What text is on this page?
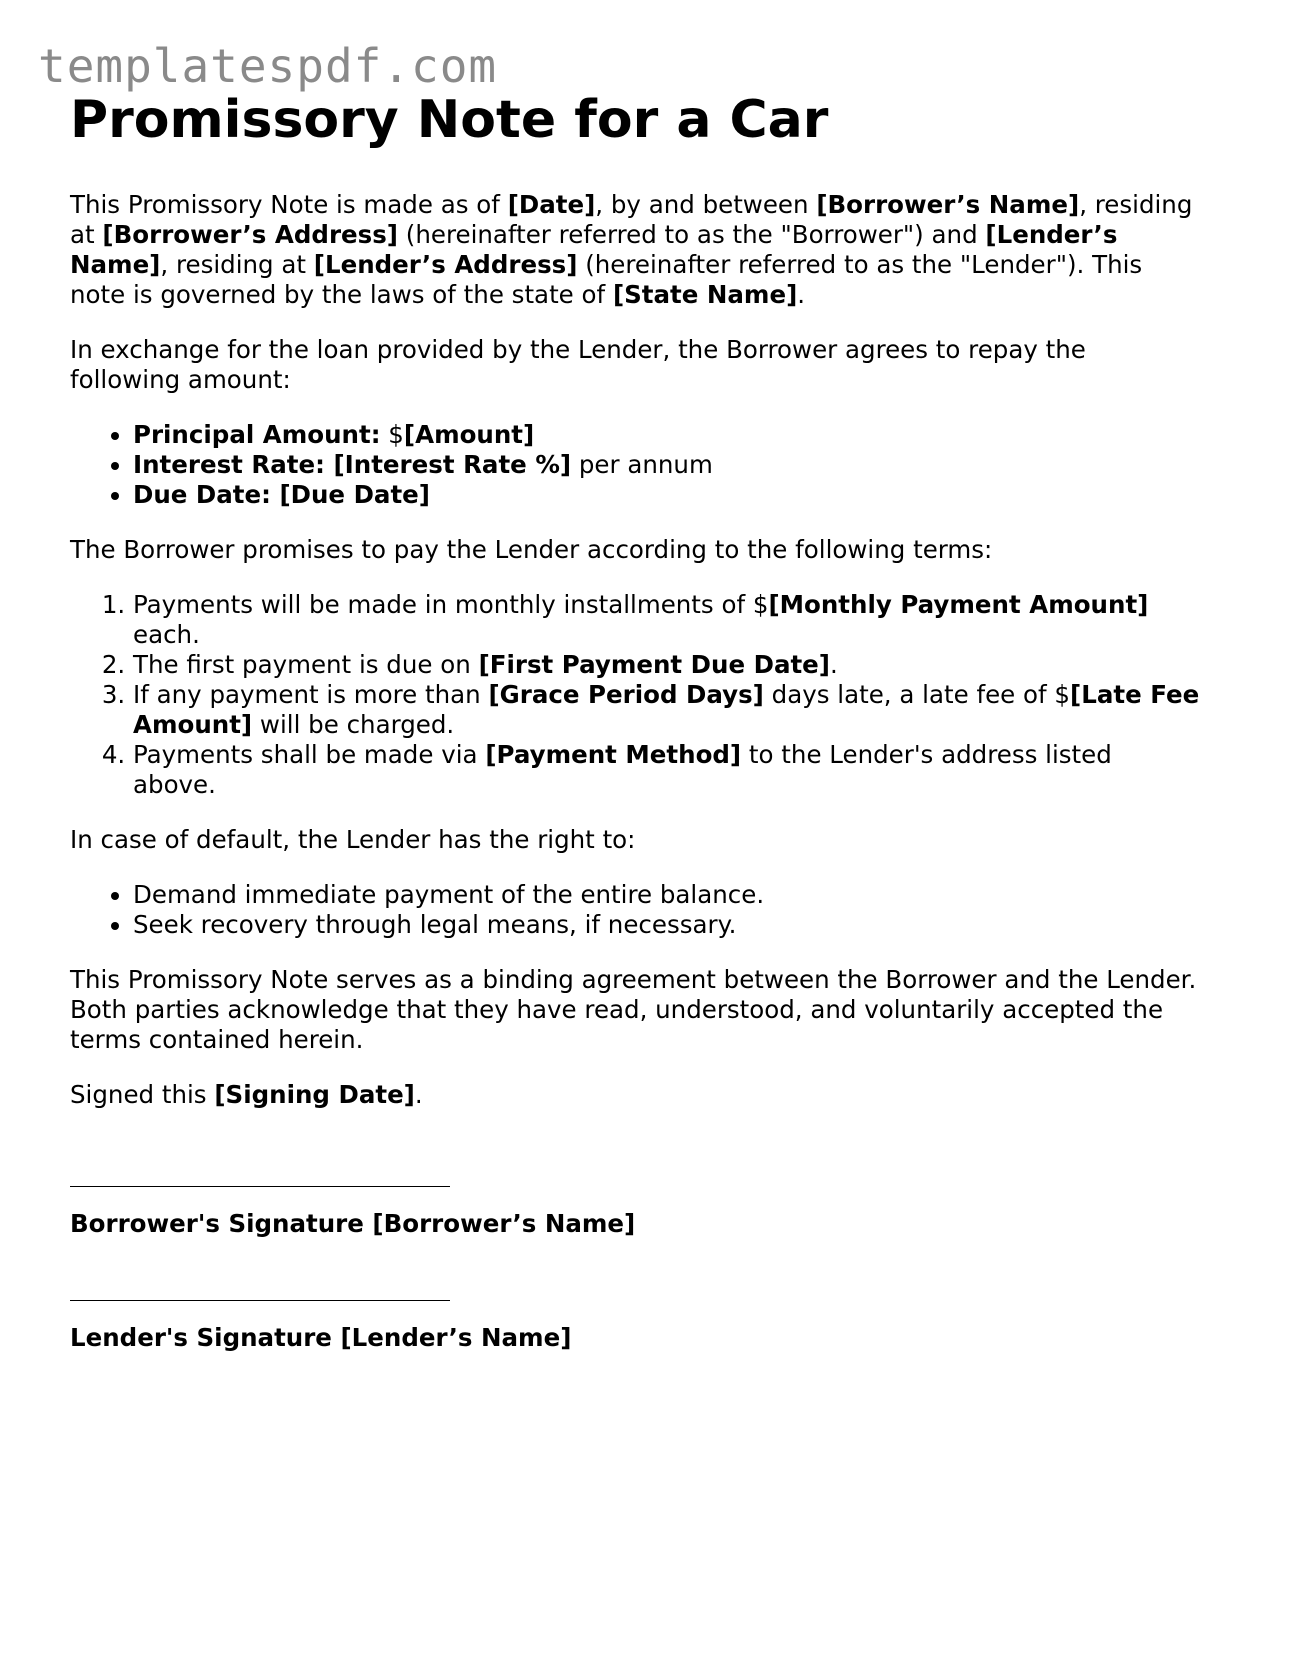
templatespdf.com
Promissory Note for a Car

This Promissory Note is made as of [Date], by and between [Borrower’s Name], residing at [Borrower’s Address] (hereinafter referred to as the "Borrower") and [Lender’s Name], residing at [Lender’s Address] (hereinafter referred to as the "Lender"). This note is governed by the laws of the state of [State Name].

In exchange for the loan provided by the Lender, the Borrower agrees to repay the following amount:

• Principal Amount: $[Amount]
• Interest Rate: [Interest Rate %] per annum
• Due Date: [Due Date]

The Borrower promises to pay the Lender according to the following terms:

1. Payments will be made in monthly installments of $[Monthly Payment Amount] each.
2. The first payment is due on [First Payment Due Date].
3. If any payment is more than [Grace Period Days] days late, a late fee of $[Late Fee Amount] will be charged.
4. Payments shall be made via [Payment Method] to the Lender's address listed above.

In case of default, the Lender has the right to:

• Demand immediate payment of the entire balance.
• Seek recovery through legal means, if necessary.

This Promissory Note serves as a binding agreement between the Borrower and the Lender. Both parties acknowledge that they have read, understood, and voluntarily accepted the terms contained herein.

Signed this [Signing Date].

Borrower's Signature [Borrower’s Name]

Lender's Signature [Lender’s Name]
